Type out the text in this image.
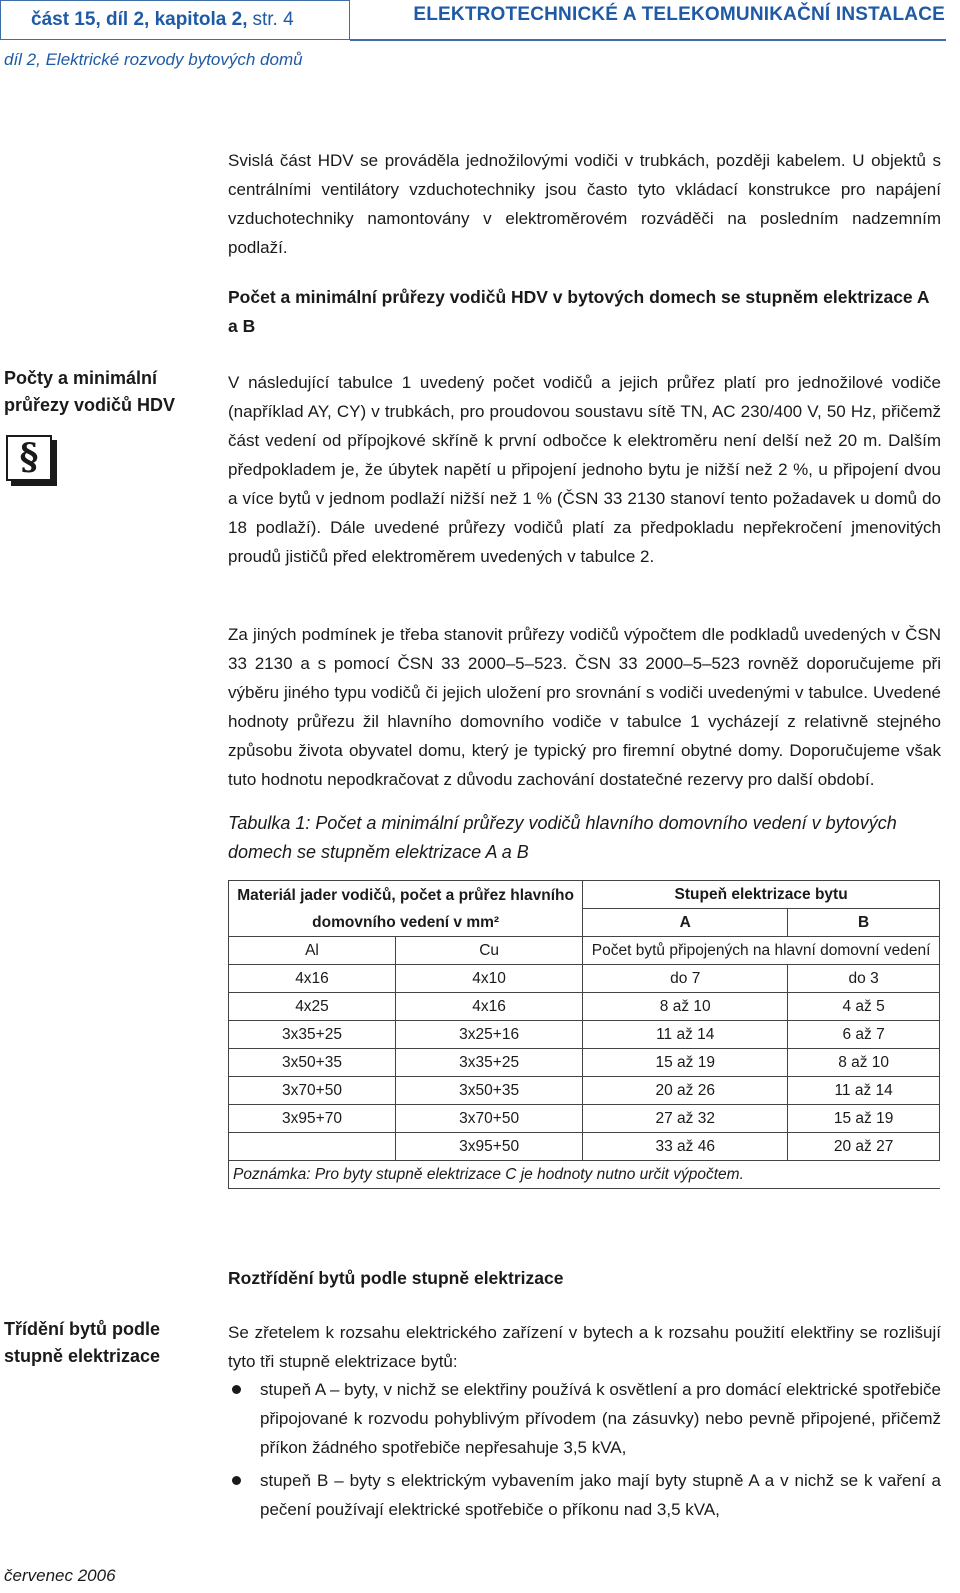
část 15, díl 2, kapitola 2, str. 4	ELEKTROTECHNICKÉ A TELEKOMUNIKAČNÍ INSTALACE
díl 2, Elektrické rozvody bytových domů

Svislá část HDV se prováděla jednožilovými vodiči v trubkách, později kabelem. U objektů s centrálními ventilátory vzduchotechniky jsou často tyto vkládací konstrukce pro napájení vzduchotechniky namontovány v elektroměrovém rozváděči na posledním nadzemním podlaží.

Počet a minimální průřezy vodičů HDV v bytových domech se stupněm elektrizace A a B
Počty a minimální průřezy vodičů HDV
§

V následující tabulce 1 uvedený počet vodičů a jejich průřez platí pro jednožilové vodiče (například AY, CY) v trubkách, pro proudovou soustavu sítě TN, AC 230/400 V, 50 Hz, přičemž část vedení od přípojkové skříně k první odbočce k elektroměru není delší než 20 m. Dalším předpokladem je, že úbytek napětí u připojení jednoho bytu je nižší než 2 %, u připojení dvou a více bytů v jednom podlaží nižší než 1 % (ČSN 33 2130 stanoví tento požadavek u domů do 18 podlaží). Dále uvedené průřezy vodičů platí za předpokladu nepřekročení jmenovitých proudů jističů před elektroměrem uvedených v tabulce 2.

Za jiných podmínek je třeba stanovit průřezy vodičů výpočtem dle podkladů uvedených v ČSN 33 2130 a s pomocí ČSN 33 2000–5–523. ČSN 33 2000–5–523 rovněž doporučujeme při výběru jiného typu vodičů či jejich uložení pro srovnání s vodiči uvedenými v tabulce. Uvedené hodnoty průřezu žil hlavního domovního vodiče v tabulce 1 vycházejí z relativně stejného způsobu života obyvatel domu, který je typický pro firemní obytné domy. Doporučujeme však tuto hodnotu nepodkračovat z důvodu zachování dostatečné rezervy pro další období.

Tabulka 1: Počet a minimální průřezy vodičů hlavního domovního vedení v bytových domech se stupněm elektrizace A a B

Materiál jader vodičů, počet a průřez hlavního domovního vedení v mm²		Stupeň elektrizace bytu	
		A	B
Al	Cu	Počet bytů připojených na hlavní domovní vedení	
4x16	4x10	do 7	do 3
4x25	4x16	8 až 10	4 až 5
3x35+25	3x25+16	11 až 14	6 až 7
3x50+35	3x35+25	15 až 19	8 až 10
3x70+50	3x50+35	20 až 26	11 až 14
3x95+70	3x70+50	27 až 32	15 až 19
	3x95+50	33 až 46	20 až 27
Poznámka: Pro byty stupně elektrizace C je hodnoty nutno určit výpočtem.			
Roztřídění bytů podle stupně elektrizace
Třídění bytů podle stupně elektrizace

Se zřetelem k rozsahu elektrického zařízení v bytech a k rozsahu použití elektřiny se rozlišují tyto tři stupně elektrizace bytů:

stupeň A – byty, v nichž se elektřiny používá k osvětlení a pro domácí elektrické spotřebiče připojované k rozvodu pohyblivým přívodem (na zásuvky) nebo pevně připojené, přičemž příkon žádného spotřebiče nepřesahuje 3,5 kVA,
stupeň B – byty s elektrickým vybavením jako mají byty stupně A a v nichž se k vaření a pečení používají elektrické spotřebiče o příkonu nad 3,5 kVA,
červenec 2006
